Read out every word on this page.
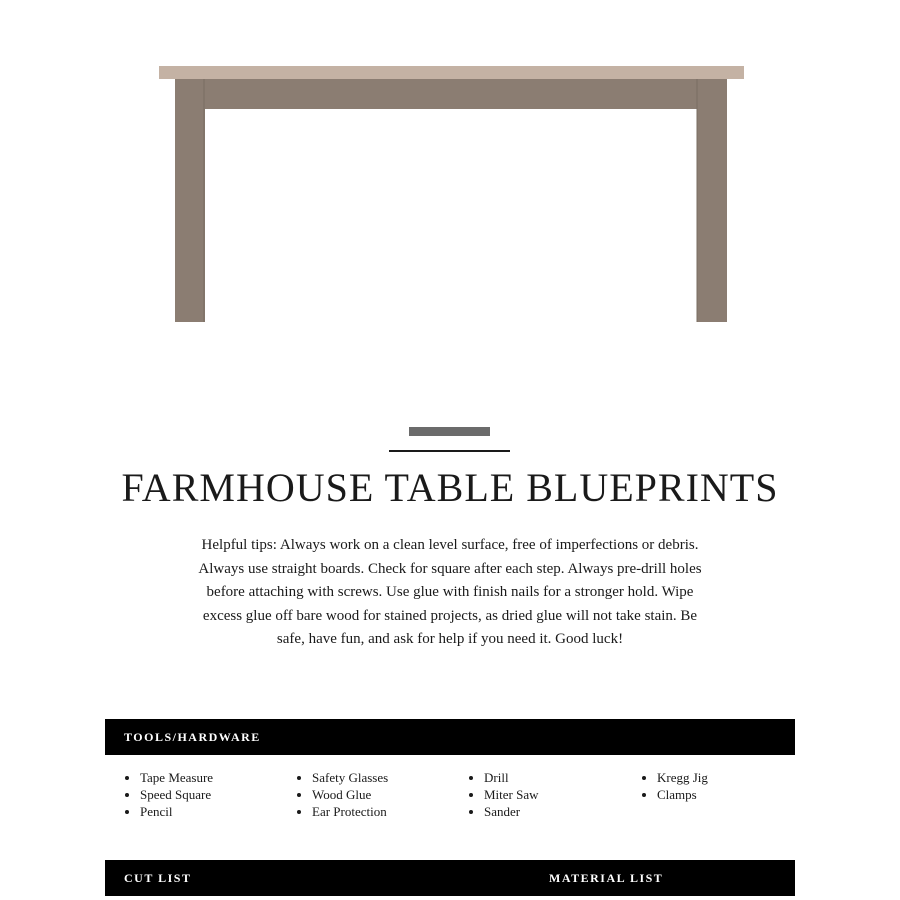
FARMHOUSE TABLE BLUEPRINTS

Helpful tips: Always work on a clean level surface, free of imperfections or debris. Always use straight boards. Check for square after each step. Always pre-drill holes before attaching with screws. Use glue with finish nails for a stronger hold. Wipe excess glue off bare wood for stained projects, as dried glue will not take stain. Be safe, have fun, and ask for help if you need it. Good luck!

TOOLS/HARDWARE
Tape Measure
Speed Square
Pencil
Safety Glasses
Wood Glue
Ear Protection
Drill
Miter Saw
Sander
Kregg Jig
Clamps
CUT LIST	MATERIAL LIST
